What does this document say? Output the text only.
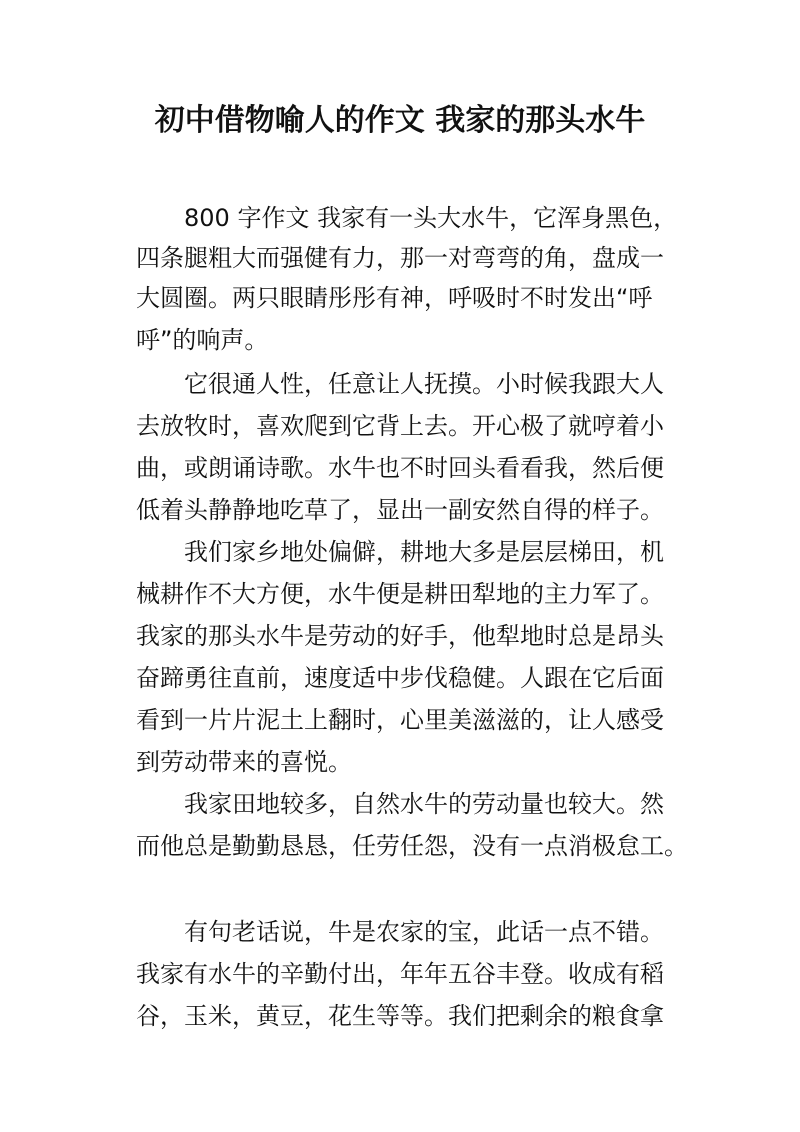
初中借物喻人的作文 我家的那头水牛
800 字作文 我家有一头大水牛，它浑身黑色，
四条腿粗大而强健有力，那一对弯弯的角，盘成一
大圆圈。两只眼睛彤彤有神，呼吸时不时发出“呼
呼”的响声。
它很通人性，任意让人抚摸。小时候我跟大人
去放牧时，喜欢爬到它背上去。开心极了就哼着小
曲，或朗诵诗歌。水牛也不时回头看看我，然后便
低着头静静地吃草了，显出一副安然自得的样子。
我们家乡地处偏僻，耕地大多是层层梯田，机
械耕作不大方便，水牛便是耕田犁地的主力军了。
我家的那头水牛是劳动的好手，他犁地时总是昂头
奋蹄勇往直前，速度适中步伐稳健。人跟在它后面
看到一片片泥土上翻时，心里美滋滋的，让人感受
到劳动带来的喜悦。
我家田地较多，自然水牛的劳动量也较大。然
而他总是勤勤恳恳，任劳任怨，没有一点消极怠工。
有句老话说，牛是农家的宝，此话一点不错。
我家有水牛的辛勤付出，年年五谷丰登。收成有稻
谷，玉米，黄豆，花生等等。我们把剩余的粮食拿
